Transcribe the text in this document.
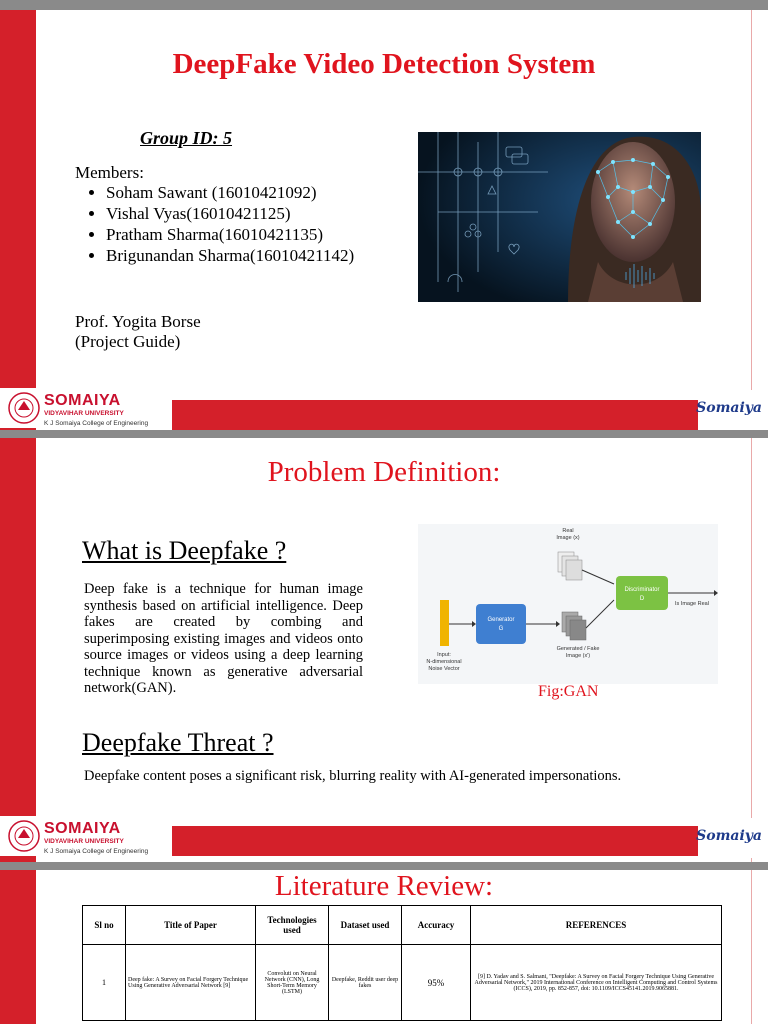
DeepFake Video Detection System
Group ID: 5
Members:
• Soham Sawant (16010421092)
• Vishal Vyas(16010421125)
• Pratham Sharma(16010421135)
• Brigunandan Sharma(16010421142)
Prof. Yogita Borse
(Project Guide)
SOMAIYA
VIDYAVIHAR UNIVERSITY
K J Somaiya College of Engineering
Somaiya
Problem Definition:
What is Deepfake ?
Deep fake is a technique for human image synthesis based on artificial intelligence. Deep fakes are created by combing and superimposing existing images and videos onto source images or videos using a deep learning technique known as generative adversarial network(GAN).
Generator
G
Generated / Fake
Image (x')
Real
Image (x)
Discriminator
D
Is Image Real
Input:
N-dimensional
Noise Vector
Fig:GAN
Deepfake Threat ?
Deepfake content poses a significant risk, blurring reality with AI-generated impersonations.
SOMAIYA
VIDYAVIHAR UNIVERSITY
K J Somaiya College of Engineering
Somaiya
Literature Review:
Sl no	Title of Paper	Technologies used	Dataset used	Accuracy	REFERENCES
1	Deep fake: A Survey on Facial Forgery Technique Using Generative Adversarial Network [9]	Convoluti on Neural Network (CNN), Long Short-Term Memory (LSTM)	Deepfake, Reddit user deep fakes	95%	[9] D. Yadav and S. Salmani, "Deepfake: A Survey on Facial Forgery Technique Using Generative Adversarial Network," 2019 International Conference on Intelligent Computing and Control Systems (ICCS), 2019, pp. 852-857, doi: 10.1109/ICCS45141.2019.9065881.
